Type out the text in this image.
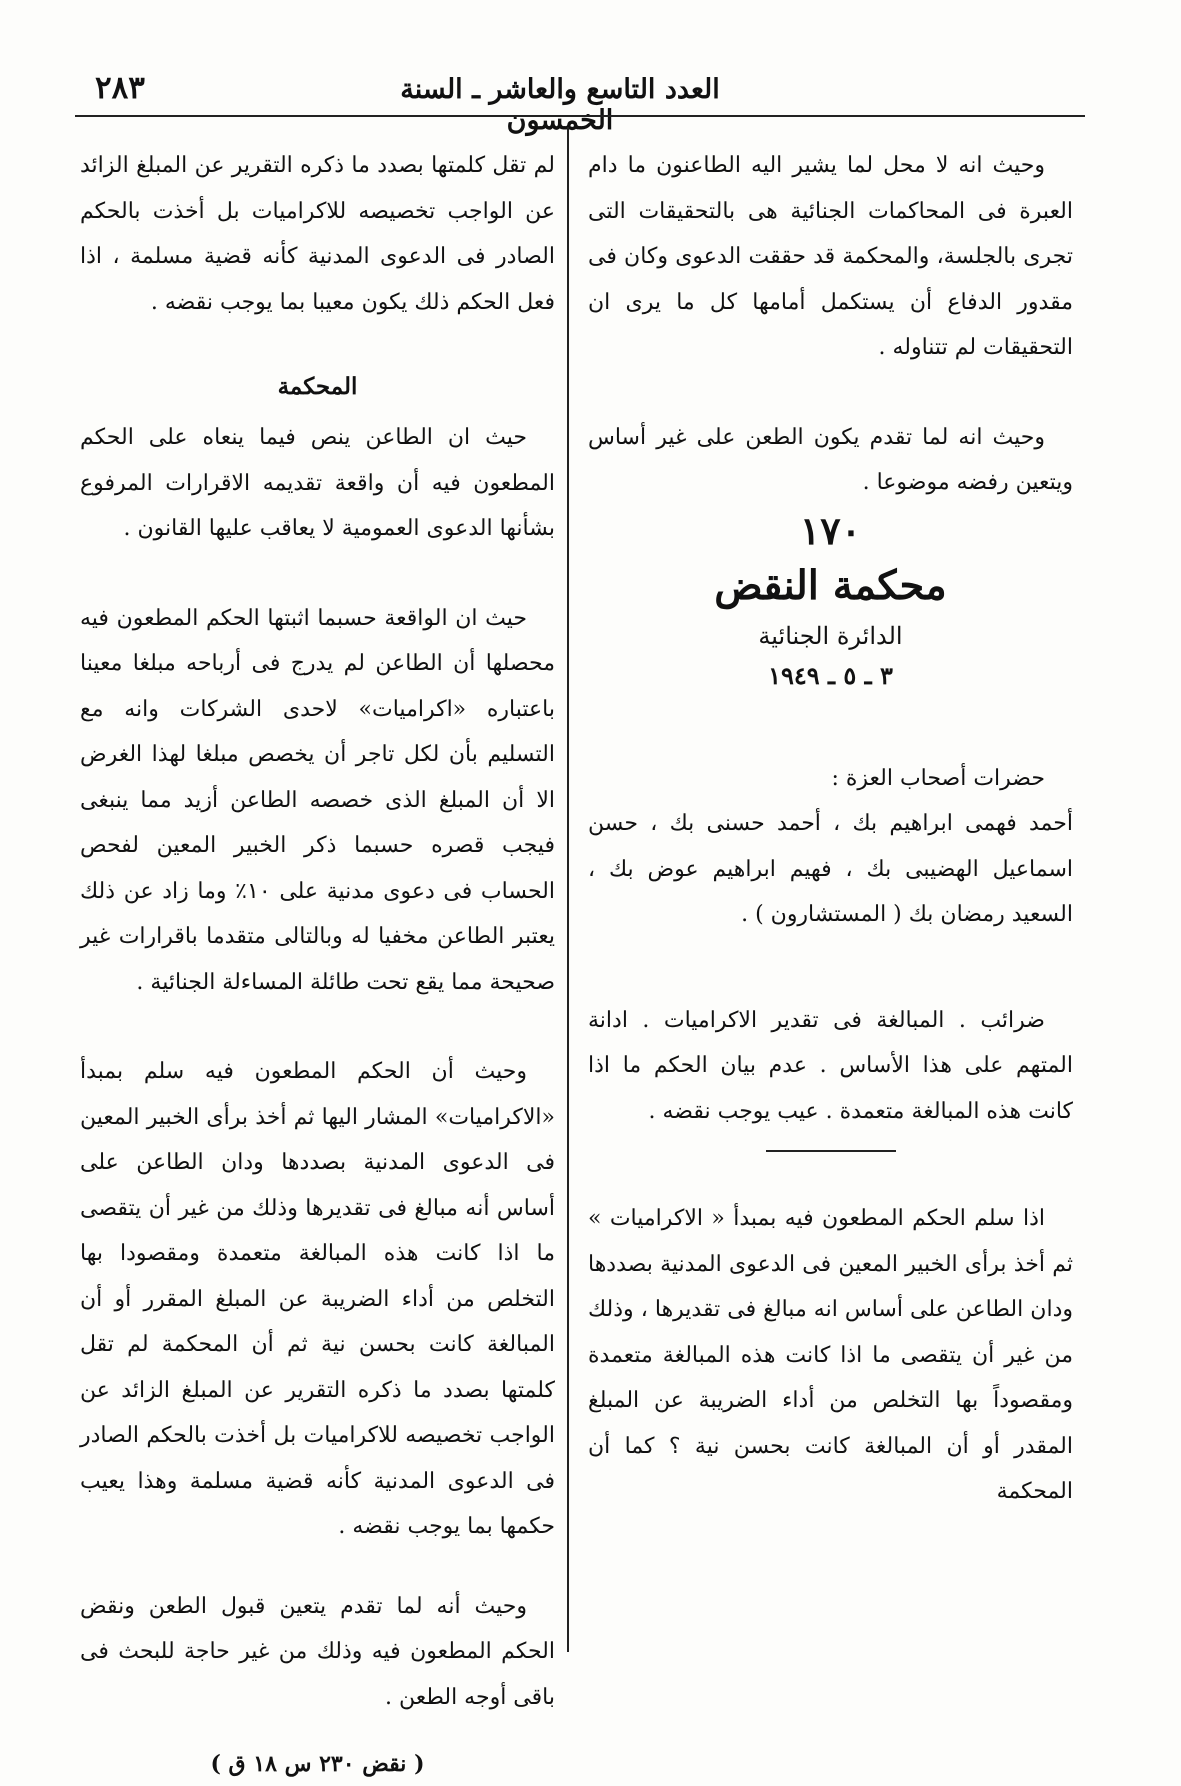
٢٨٣	العدد التاسع والعاشر ـ السنة الخمسون

وحيث انه لا محل لما يشير اليه الطاعنون ما دام العبرة فى المحاكمات الجنائية هى بالتحقيقات التى تجرى بالجلسة، والمحكمة قد حققت الدعوى وكان فى مقدور الدفاع أن يستكمل أمامها كل ما يرى ان التحقيقات لم تتناوله .

وحيث انه لما تقدم يكون الطعن على غير أساس ويتعين رفضه موضوعا .

١٧٠

محكمة النقض

الدائرة الجنائية

٣ ـ ٥ ـ ١٩٤٩

حضرات أصحاب العزة :

أحمد فهمى ابراهيم بك ، أحمد حسنى بك ، حسن اسماعيل الهضيبى بك ، فهيم ابراهيم عوض بك ، السعيد رمضان بك ( المستشارون ) .

ضرائب . المبالغة فى تقدير الاكراميات . ادانة المتهم على هذا الأساس . عدم بيان الحكم ما اذا كانت هذه المبالغة متعمدة . عيب يوجب نقضه .

اذا سلم الحكم المطعون فيه بمبدأ « الاكراميات » ثم أخذ برأى الخبير المعين فى الدعوى المدنية بصددها ودان الطاعن على أساس انه مبالغ فى تقديرها ، وذلك من غير أن يتقصى ما اذا كانت هذه المبالغة متعمدة ومقصوداً بها التخلص من أداء الضريبة عن المبلغ المقدر أو أن المبالغة كانت بحسن نية ؟ كما أن المحكمة

لم تقل كلمتها بصدد ما ذكره التقرير عن المبلغ الزائد عن الواجب تخصيصه للاكراميات بل أخذت بالحكم الصادر فى الدعوى المدنية كأنه قضية مسلمة ، اذا فعل الحكم ذلك يكون معيبا بما يوجب نقضه .

المحكمة

حيث ان الطاعن ينص فيما ينعاه على الحكم المطعون فيه أن واقعة تقديمه الاقرارات المرفوع بشأنها الدعوى العمومية لا يعاقب عليها القانون .

حيث ان الواقعة حسبما اثبتها الحكم المطعون فيه محصلها أن الطاعن لم يدرج فى أرباحه مبلغا معينا باعتباره «اكراميات» لاحدى الشركات وانه مع التسليم بأن لكل تاجر أن يخصص مبلغا لهذا الغرض الا أن المبلغ الذى خصصه الطاعن أزيد مما ينبغى فيجب قصره حسبما ذكر الخبير المعين لفحص الحساب فى دعوى مدنية على ١٠٪ وما زاد عن ذلك يعتبر الطاعن مخفيا له وبالتالى متقدما باقرارات غير صحيحة مما يقع تحت طائلة المساءلة الجنائية .

وحيث أن الحكم المطعون فيه سلم بمبدأ «الاكراميات» المشار اليها ثم أخذ برأى الخبير المعين فى الدعوى المدنية بصددها ودان الطاعن على أساس أنه مبالغ فى تقديرها وذلك من غير أن يتقصى ما اذا كانت هذه المبالغة متعمدة ومقصودا بها التخلص من أداء الضريبة عن المبلغ المقرر أو أن المبالغة كانت بحسن نية ثم أن المحكمة لم تقل كلمتها بصدد ما ذكره التقرير عن المبلغ الزائد عن الواجب تخصيصه للاكراميات بل أخذت بالحكم الصادر فى الدعوى المدنية كأنه قضية مسلمة وهذا يعيب حكمها بما يوجب نقضه .

وحيث أنه لما تقدم يتعين قبول الطعن ونقض الحكم المطعون فيه وذلك من غير حاجة للبحث فى باقى أوجه الطعن .

( نقض ٢٣٠ س ١٨ ق )
